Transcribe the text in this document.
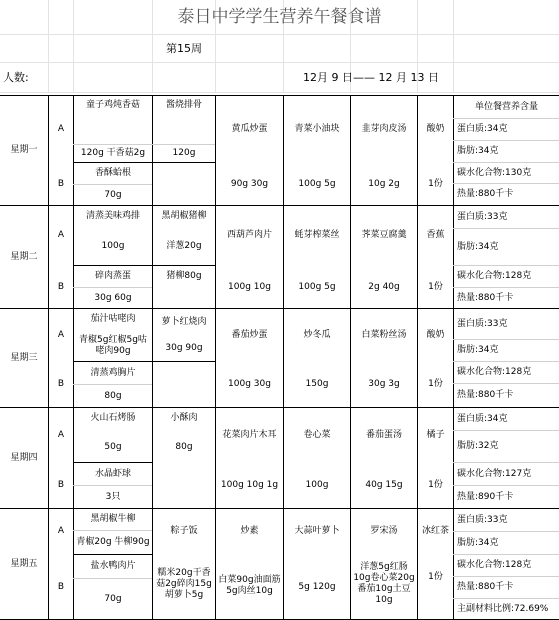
泰日中学学生营养午餐食谱
第15周
人数:	12月 9 日—— 12 月 13 日
单位餐营养含量
星期一
A
B
童子鸡炖香菇
120g 干香菇2g
香酥蛤根
70g
酱烧排骨
120g
黄瓜炒蛋
90g 30g
青菜小油块
100g 5g
韭芽肉皮汤
10g 2g
酸奶
1份
蛋白质:34克
脂肪:34克
碳水化合物:130克
热量:880千卡
星期二
A
B
清蒸美味鸡排
100g
碎肉蒸蛋
30g 60g
黑胡椒猪柳
洋葱20g
猪柳80g
西葫芦肉片
100g 10g
蚝芽榨菜丝
100g 5g
荠菜豆腐羹
2g 40g
香蕉
1份
蛋白质:33克
脂肪:34克
碳水化合物:128克
热量:880千卡
星期三
A
B
茄汁咕咾肉
青椒5g红椒5g咕
咾肉90g
清蒸鸡胸片
80g
萝卜红烧肉
30g 90g
番茄炒蛋
100g 30g
炒冬瓜
150g
白菜粉丝汤
30g 3g
酸奶
1份
蛋白质:33克
脂肪:34克
碳水化合物:128克
热量:880千卡
星期四
A
B
火山石烤肠
50g
水晶虾球
3只
小酥肉
80g
花菜肉片木耳
100g 10g 1g
卷心菜
100g
番茄蛋汤
40g 15g
橘子
1份
蛋白质:34克
脂肪:32克
碳水化合物:127克
热量:890千卡
星期五
A
B
黑胡椒牛柳
青椒20g 牛柳90g
盐水鸭肉片
70g
粽子饭
糯米20g干香
菇2g碎肉15g
胡萝卜5g
炒素
白菜90g油面筋
5g肉丝10g
大蒜叶萝卜
5g 120g
罗宋汤
洋葱5g红肠
10g卷心菜20g
番茄10g土豆
10g
冰红茶
1份
蛋白质:33克
脂肪:34克
碳水化合物:128克
热量:880千卡
主副材料比例:72.69%
